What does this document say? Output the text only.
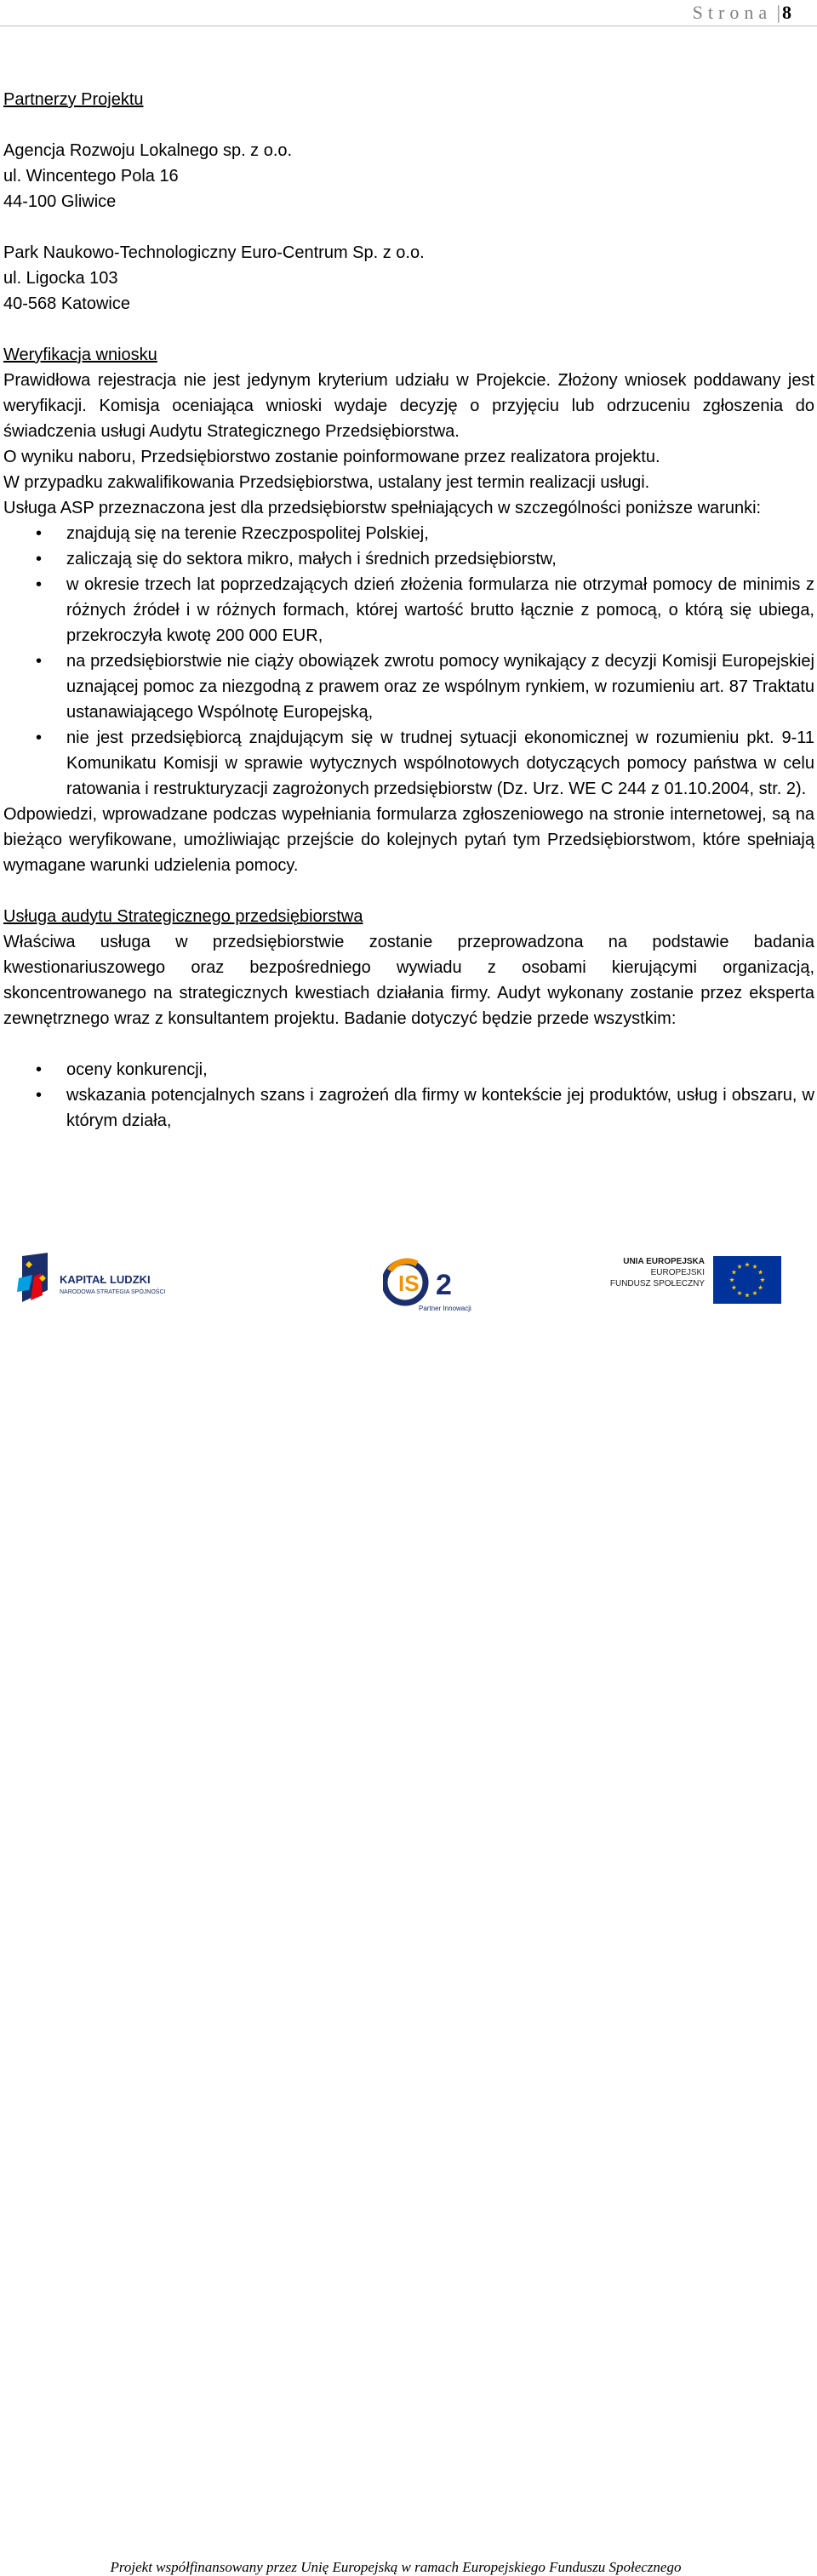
Strona |8

Partnerzy Projektu

Agencja Rozwoju Lokalnego sp. z o.o.

ul. Wincentego Pola 16

44-100 Gliwice

Park Naukowo-Technologiczny Euro-Centrum Sp. z o.o.

ul. Ligocka 103

40-568 Katowice

Weryfikacja wniosku

Prawidłowa rejestracja nie jest jedynym kryterium udziału w Projekcie. Złożony wniosek poddawany jest weryfikacji. Komisja oceniająca wnioski wydaje decyzję o przyjęciu lub odrzuceniu zgłoszenia do świadczenia usługi Audytu Strategicznego Przedsiębiorstwa.

O wyniku naboru, Przedsiębiorstwo zostanie poinformowane przez realizatora projektu.

W przypadku zakwalifikowania Przedsiębiorstwa, ustalany jest termin realizacji usługi.

Usługa ASP przeznaczona jest dla przedsiębiorstw spełniających w szczególności poniższe warunki:

• znajdują się na terenie Rzeczpospolitej Polskiej,
• zaliczają się do sektora mikro, małych i średnich przedsiębiorstw,
• w okresie trzech lat poprzedzających dzień złożenia formularza nie otrzymał pomocy de minimis z różnych źródeł i w różnych formach, której wartość brutto łącznie z pomocą, o którą się ubiega, przekroczyła kwotę 200 000 EUR,
• na przedsiębiorstwie nie ciąży obowiązek zwrotu pomocy wynikający z decyzji Komisji Europejskiej uznającej pomoc za niezgodną z prawem oraz ze wspólnym rynkiem, w rozumieniu art. 87 Traktatu ustanawiającego Wspólnotę Europejską,
• nie jest przedsiębiorcą znajdującym się w trudnej sytuacji ekonomicznej w rozumieniu pkt. 9-11 Komunikatu Komisji w sprawie wytycznych wspólnotowych dotyczących pomocy państwa w celu ratowania i restrukturyzacji zagrożonych przedsiębiorstw (Dz. Urz. WE C 244 z 01.10.2004, str. 2).

Odpowiedzi, wprowadzane podczas wypełniania formularza zgłoszeniowego na stronie internetowej, są na bieżąco weryfikowane, umożliwiając przejście do kolejnych pytań tym Przedsiębiorstwom, które spełniają wymagane warunki udzielenia pomocy.

Usługa audytu Strategicznego przedsiębiorstwa

Właściwa usługa w przedsiębiorstwie zostanie przeprowadzona na podstawie badania kwestionariuszowego oraz bezpośredniego wywiadu z osobami kierującymi organizacją, skoncentrowanego na strategicznych kwestiach działania firmy. Audyt wykonany zostanie przez eksperta zewnętrznego wraz z konsultantem projektu. Badanie dotyczyć będzie przede wszystkim:

• oceny konkurencji,
• wskazania potencjalnych szans i zagrożeń dla firmy w kontekście jej produktów, usług i obszaru, w którym działa,
KAPITAŁ LUDZKI
NARODOWA STRATEGIA SPÓJNOŚCI	IS 2
Partner Innowacji
UNIA EUROPEJSKA
EUROPEJSKI
FUNDUSZ SPOŁECZNY
Projekt współfinansowany przez Unię Europejską w ramach Europejskiego Funduszu Społecznego
